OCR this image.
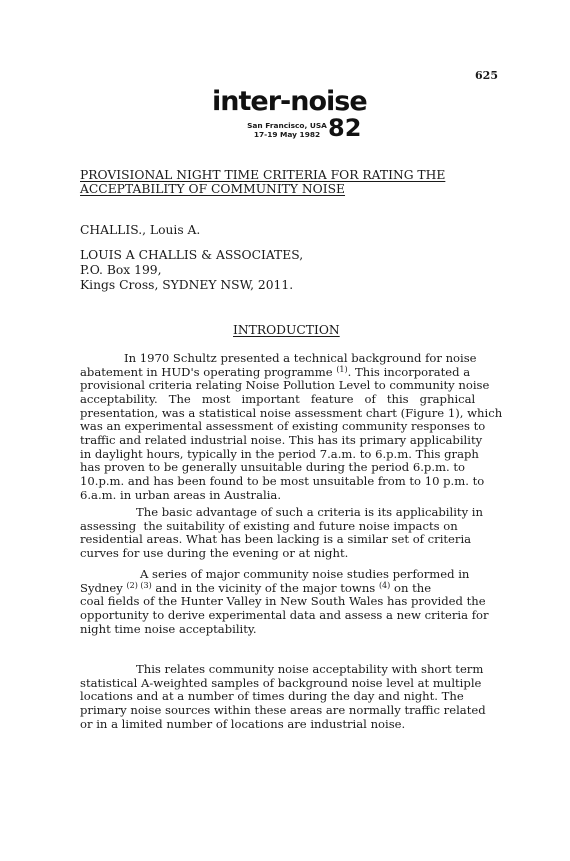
625
inter-noise
San Francisco, USA
17-19 May 1982 82
PROVISIONAL NIGHT TIME CRITERIA FOR RATING THE
ACCEPTABILITY OF COMMUNITY NOISE
CHALLIS., Louis A.
LOUIS A CHALLIS & ASSOCIATES,
P.O. Box 199,
Kings Cross, SYDNEY NSW, 2011.
INTRODUCTION
In 1970 Schultz presented a technical background for noise
abatement in HUD's operating programme $^{(1)}$. This incorporated a
provisional criteria relating Noise Pollution Level to community noise
acceptability.   The   most   important   feature   of   this   graphical
presentation, was a statistical noise assessment chart (Figure 1), which
was an experimental assessment of existing community responses to
traffic and related industrial noise. This has its primary applicability
in daylight hours, typically in the period 7.a.m. to 6.p.m. This graph
has proven to be generally unsuitable during the period 6.p.m. to
10.p.m. and has been found to be most unsuitable from to 10 p.m. to
6.a.m. in urban areas in Australia.
The basic advantage of such a criteria is its applicability in
assessing  the suitability of existing and future noise impacts on
residential areas. What has been lacking is a similar set of criteria
curves for use during the evening or at night.
A series of major community noise studies performed in
Sydney $^{(2) (3)}$ and in the vicinity of the major towns $^{(4)}$ on the
coal fields of the Hunter Valley in New South Wales has provided the
opportunity to derive experimental data and assess a new criteria for
night time noise acceptability.
This relates community noise acceptability with short term
statistical A-weighted samples of background noise level at multiple
locations and at a number of times during the day and night. The
primary noise sources within these areas are normally traffic related
or in a limited number of locations are industrial noise.
